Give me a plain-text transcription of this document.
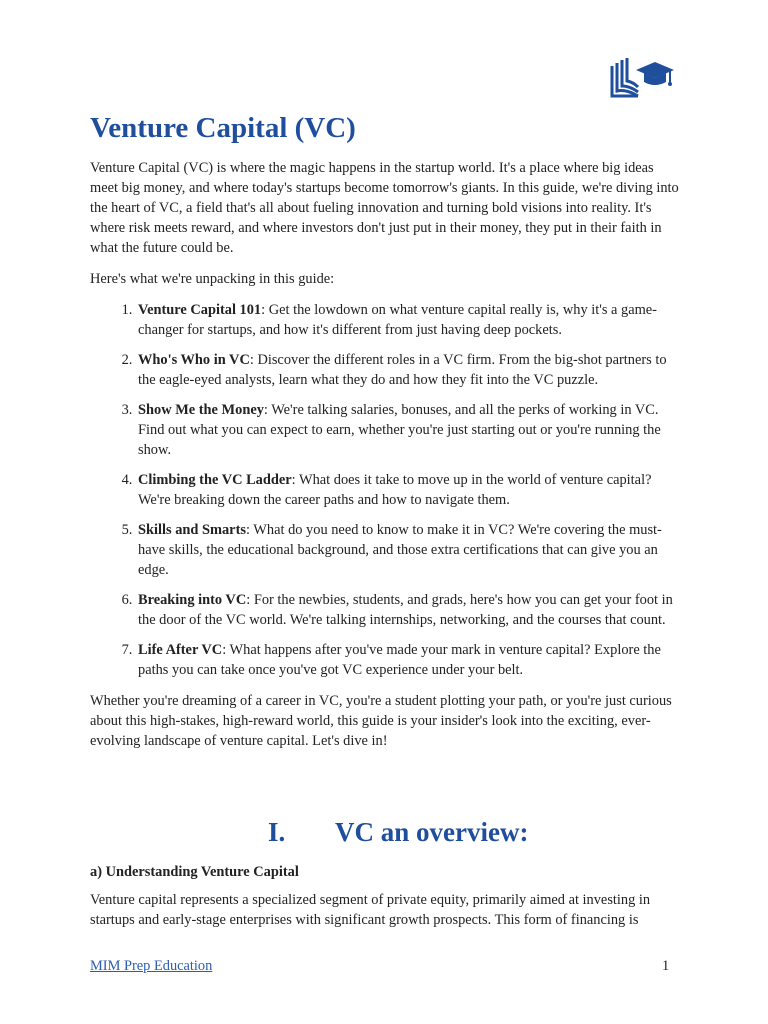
Venture Capital (VC)

Venture Capital (VC) is where the magic happens in the startup world. It's a place where big ideas meet big money, and where today's startups become tomorrow's giants. In this guide, we're diving into the heart of VC, a field that's all about fueling innovation and turning bold visions into reality. It's where risk meets reward, and where investors don't just put in their money, they put in their faith in what the future could be.

Here's what we're unpacking in this guide:

1. Venture Capital 101: Get the lowdown on what venture capital really is, why it's a game-changer for startups, and how it's different from just having deep pockets.
2. Who's Who in VC: Discover the different roles in a VC firm. From the big-shot partners to the eagle-eyed analysts, learn what they do and how they fit into the VC puzzle.
3. Show Me the Money: We're talking salaries, bonuses, and all the perks of working in VC. Find out what you can expect to earn, whether you're just starting out or you're running the show.
4. Climbing the VC Ladder: What does it take to move up in the world of venture capital? We're breaking down the career paths and how to navigate them.
5. Skills and Smarts: What do you need to know to make it in VC? We're covering the must-have skills, the educational background, and those extra certifications that can give you an edge.
6. Breaking into VC: For the newbies, students, and grads, here's how you can get your foot in the door of the VC world. We're talking internships, networking, and the courses that count.
7. Life After VC: What happens after you've made your mark in venture capital? Explore the paths you can take once you've got VC experience under your belt.

Whether you're dreaming of a career in VC, you're a student plotting your path, or you're just curious about this high-stakes, high-reward world, this guide is your insider's look into the exciting, ever-evolving landscape of venture capital. Let's dive in!

I. VC an overview:
a) Understanding Venture Capital

Venture capital represents a specialized segment of private equity, primarily aimed at investing in startups and early-stage enterprises with significant growth prospects. This form of financing is

MIM Prep Education	1
